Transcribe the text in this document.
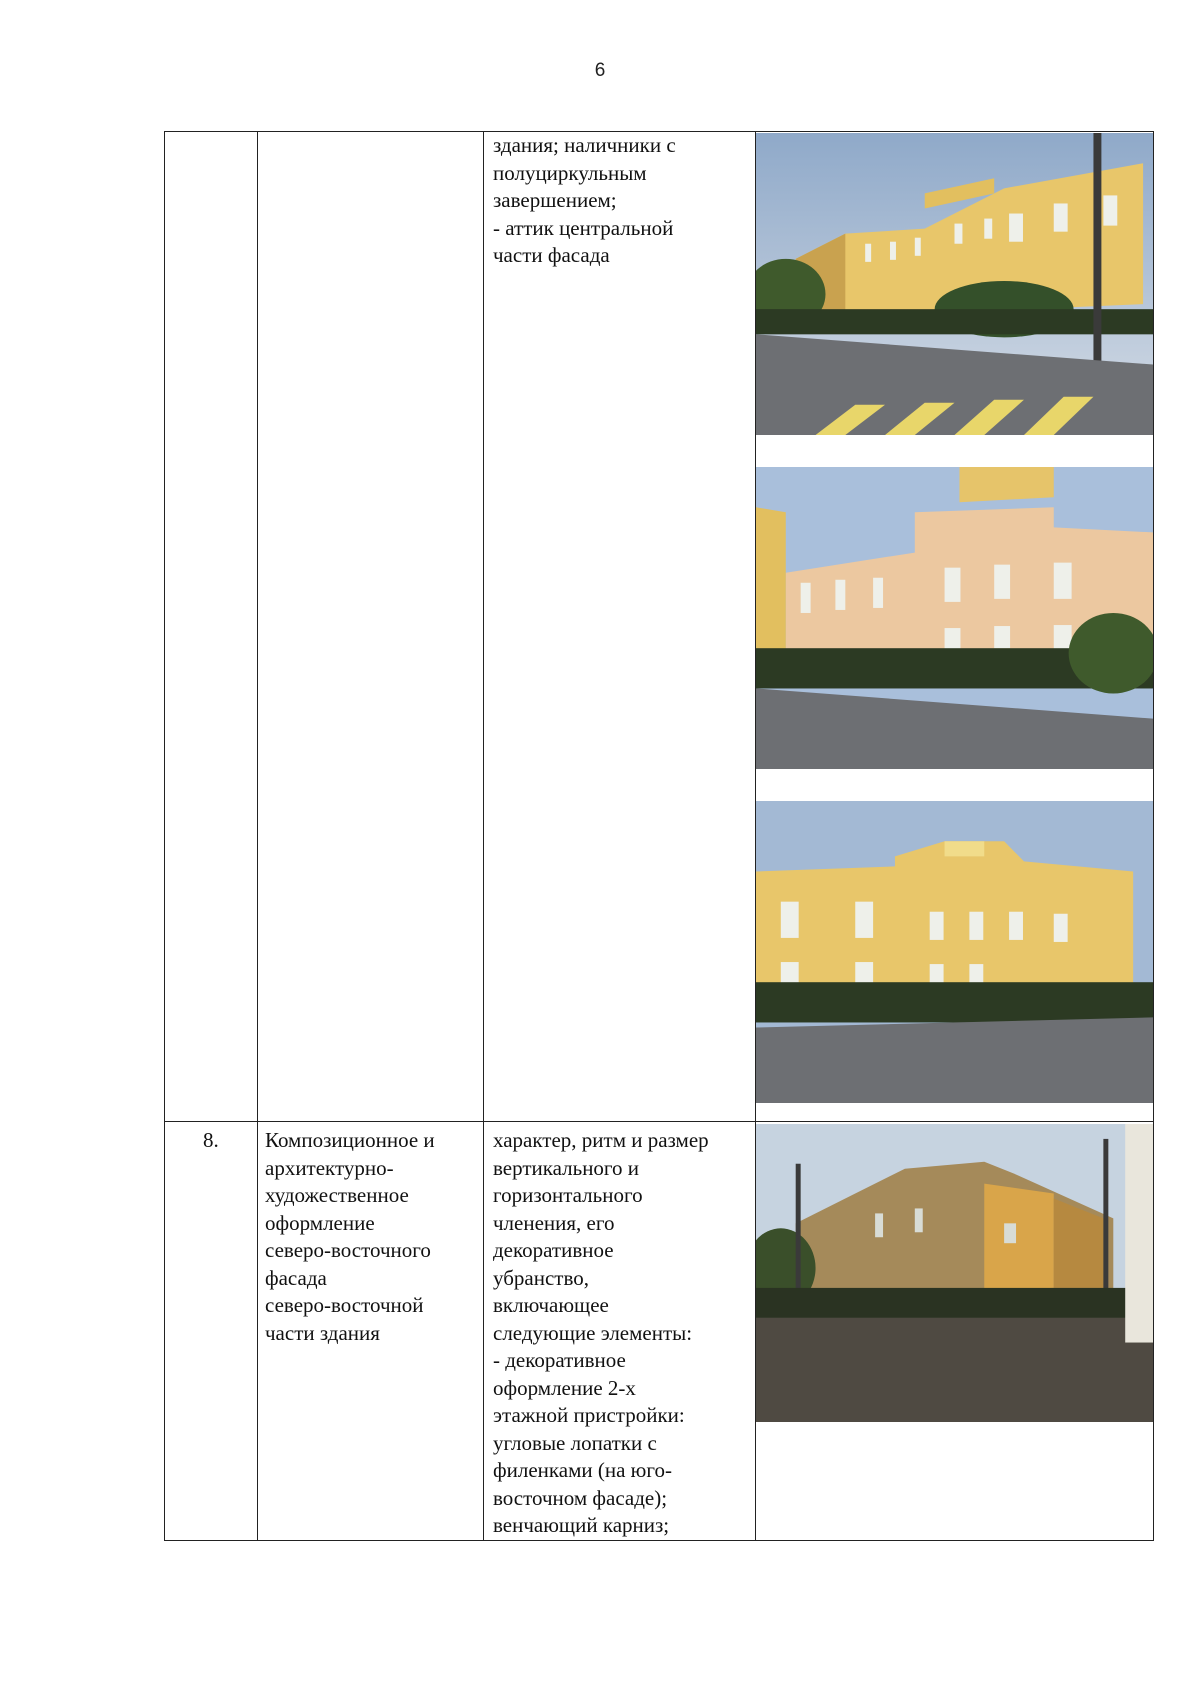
6
здания; наличники с
полуциркульным
завершением;
- аттик центральной
части фасада
8.	Композиционное и
архитектурно-
художественное
оформление
северо-восточного
фасада
северо-восточной
части здания
характер, ритм и размер
вертикального и
горизонтального
членения, его
декоративное
убранство,
включающее
следующие элементы:
- декоративное
оформление 2-х
этажной пристройки:
угловые лопатки с
филенками (на юго-
восточном фасаде);
венчающий карниз;
